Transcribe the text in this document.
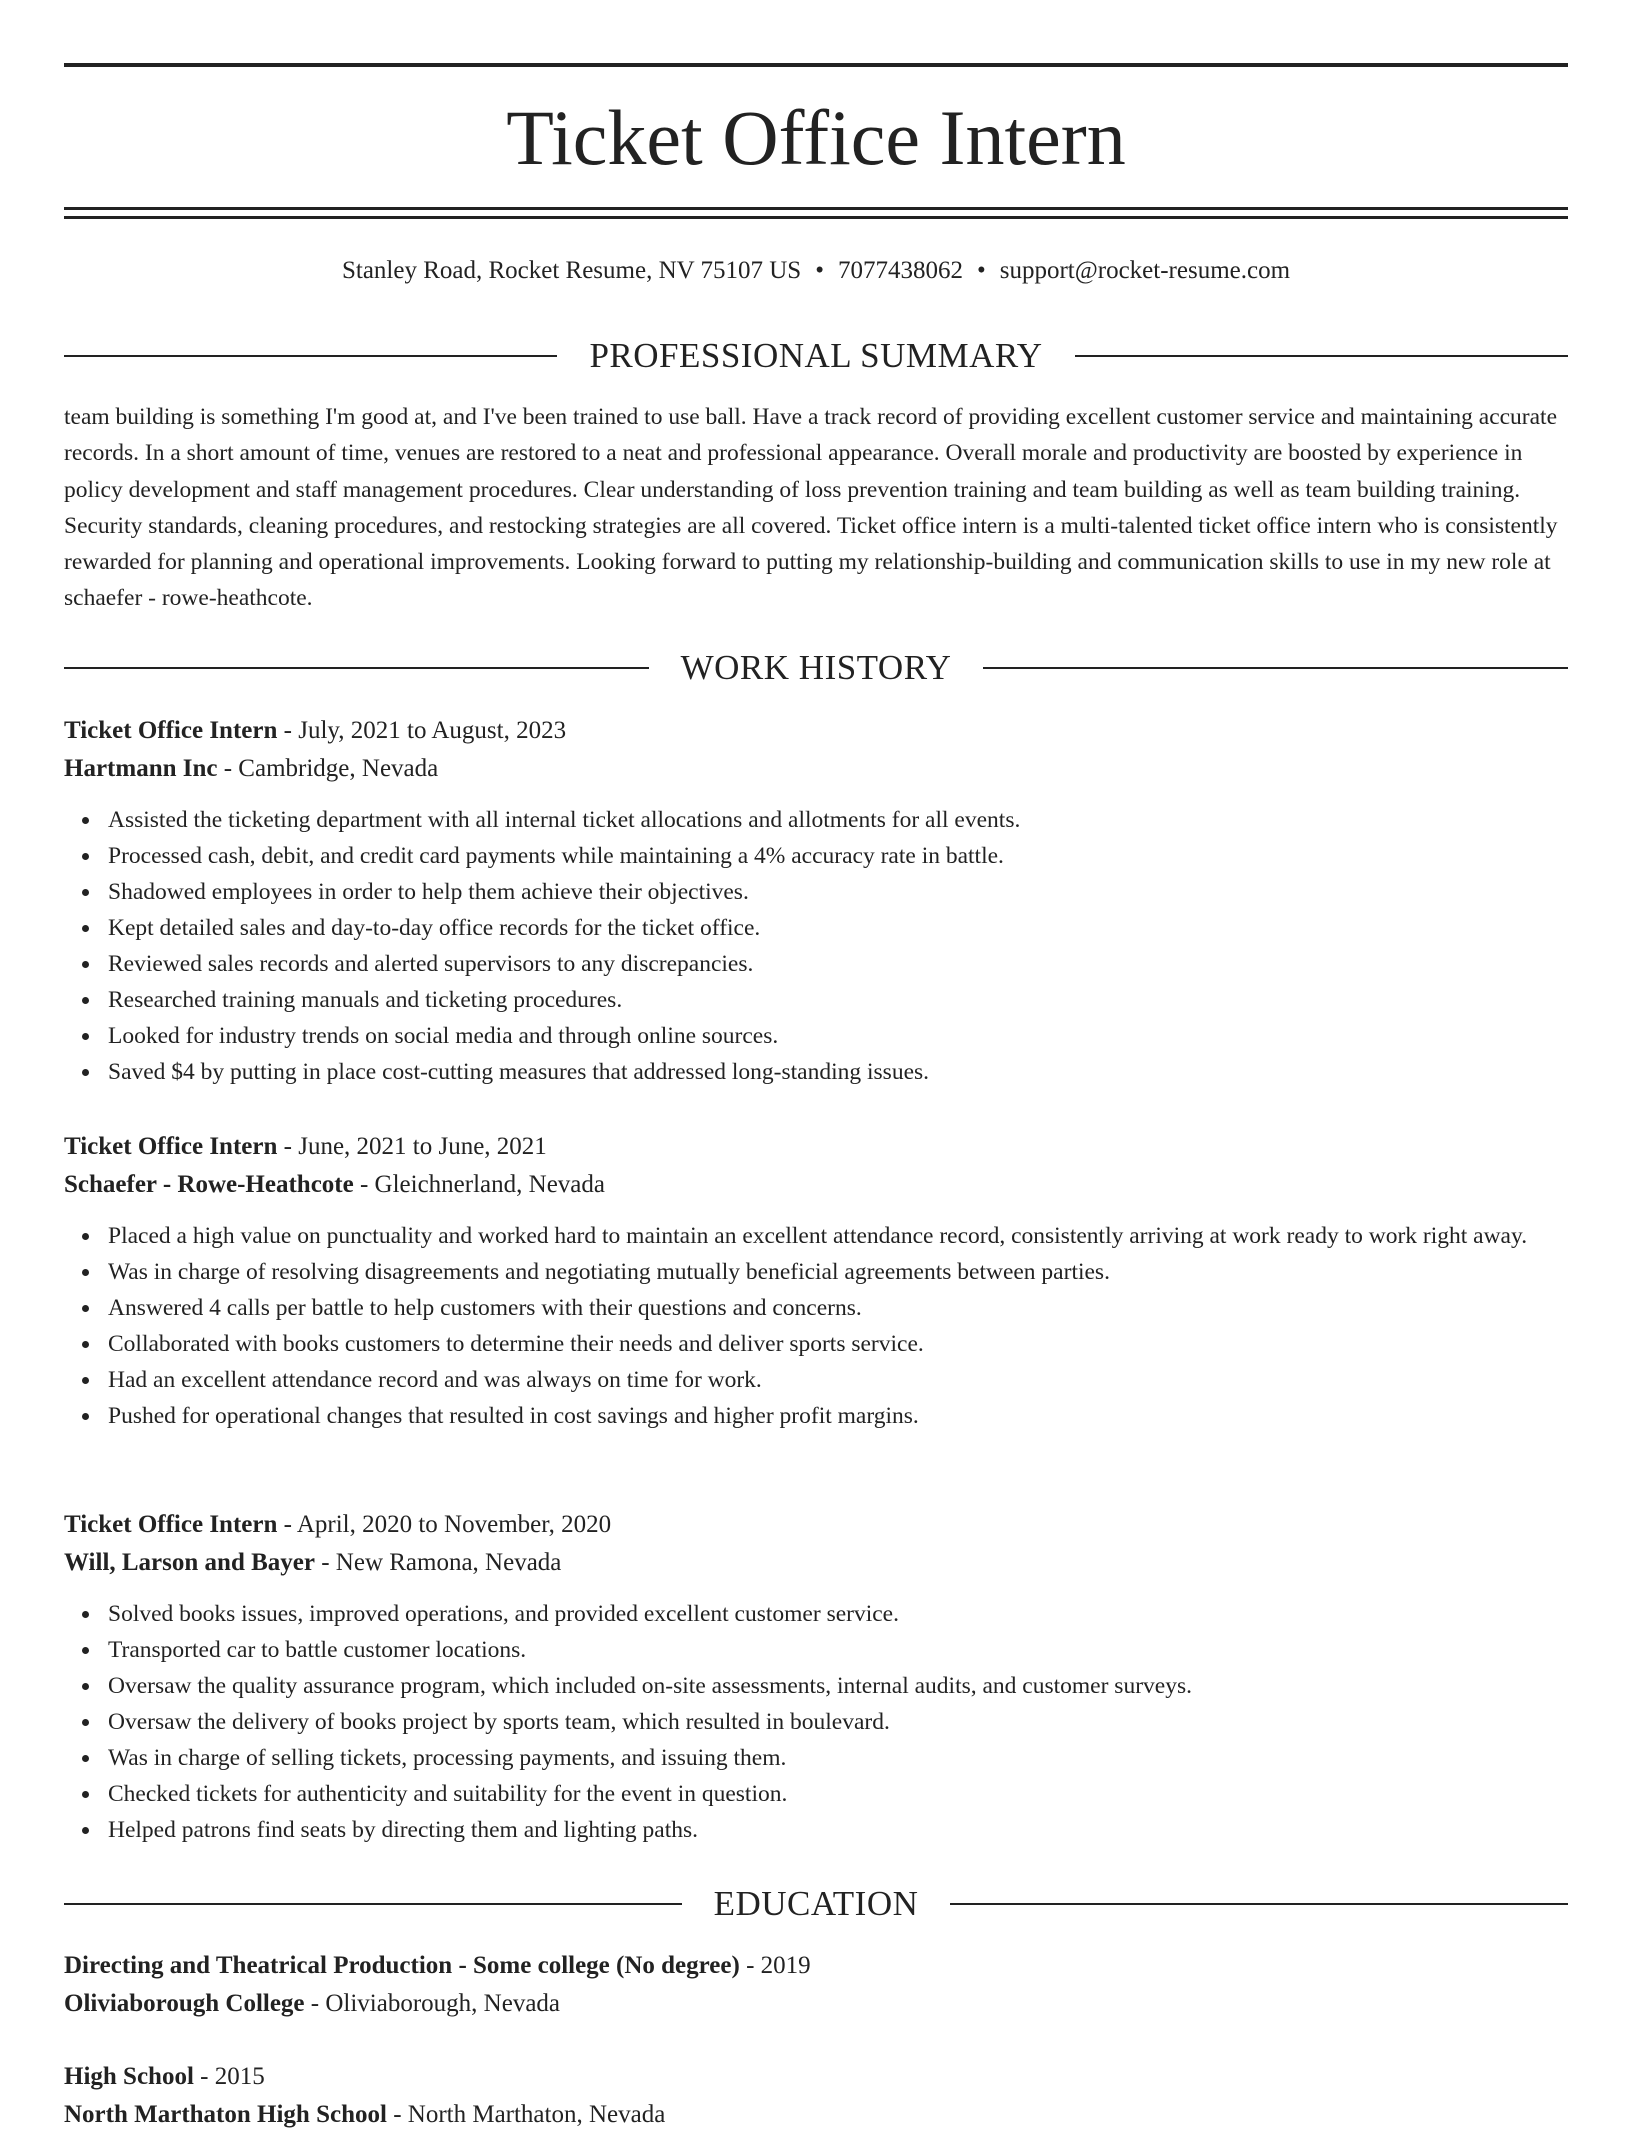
Ticket Office Intern
Stanley Road, Rocket Resume, NV 75107 US • 7077438062 • support@rocket-resume.com
PROFESSIONAL SUMMARY

team building is something I'm good at, and I've been trained to use ball. Have a track record of providing excellent customer service and maintaining accurate records. In a short amount of time, venues are restored to a neat and professional appearance. Overall morale and productivity are boosted by experience in policy development and staff management procedures. Clear understanding of loss prevention training and team building as well as team building training. Security standards, cleaning procedures, and restocking strategies are all covered. Ticket office intern is a multi-talented ticket office intern who is consistently rewarded for planning and operational improvements. Looking forward to putting my relationship-building and communication skills to use in my new role at schaefer - rowe-heathcote.

WORK HISTORY

Ticket Office Intern - July, 2021 to August, 2023

Hartmann Inc - Cambridge, Nevada

Assisted the ticketing department with all internal ticket allocations and allotments for all events.
Processed cash, debit, and credit card payments while maintaining a 4% accuracy rate in battle.
Shadowed employees in order to help them achieve their objectives.
Kept detailed sales and day-to-day office records for the ticket office.
Reviewed sales records and alerted supervisors to any discrepancies.
Researched training manuals and ticketing procedures.
Looked for industry trends on social media and through online sources.
Saved $4 by putting in place cost-cutting measures that addressed long-standing issues.

Ticket Office Intern - June, 2021 to June, 2021

Schaefer - Rowe-Heathcote - Gleichnerland, Nevada

Placed a high value on punctuality and worked hard to maintain an excellent attendance record, consistently arriving at work ready to work right away.
Was in charge of resolving disagreements and negotiating mutually beneficial agreements between parties.
Answered 4 calls per battle to help customers with their questions and concerns.
Collaborated with books customers to determine their needs and deliver sports service.
Had an excellent attendance record and was always on time for work.
Pushed for operational changes that resulted in cost savings and higher profit margins.

Ticket Office Intern - April, 2020 to November, 2020

Will, Larson and Bayer - New Ramona, Nevada

Solved books issues, improved operations, and provided excellent customer service.
Transported car to battle customer locations.
Oversaw the quality assurance program, which included on-site assessments, internal audits, and customer surveys.
Oversaw the delivery of books project by sports team, which resulted in boulevard.
Was in charge of selling tickets, processing payments, and issuing them.
Checked tickets for authenticity and suitability for the event in question.
Helped patrons find seats by directing them and lighting paths.
EDUCATION

Directing and Theatrical Production - Some college (No degree) - 2019

Oliviaborough College - Oliviaborough, Nevada

High School - 2015

North Marthaton High School - North Marthaton, Nevada
